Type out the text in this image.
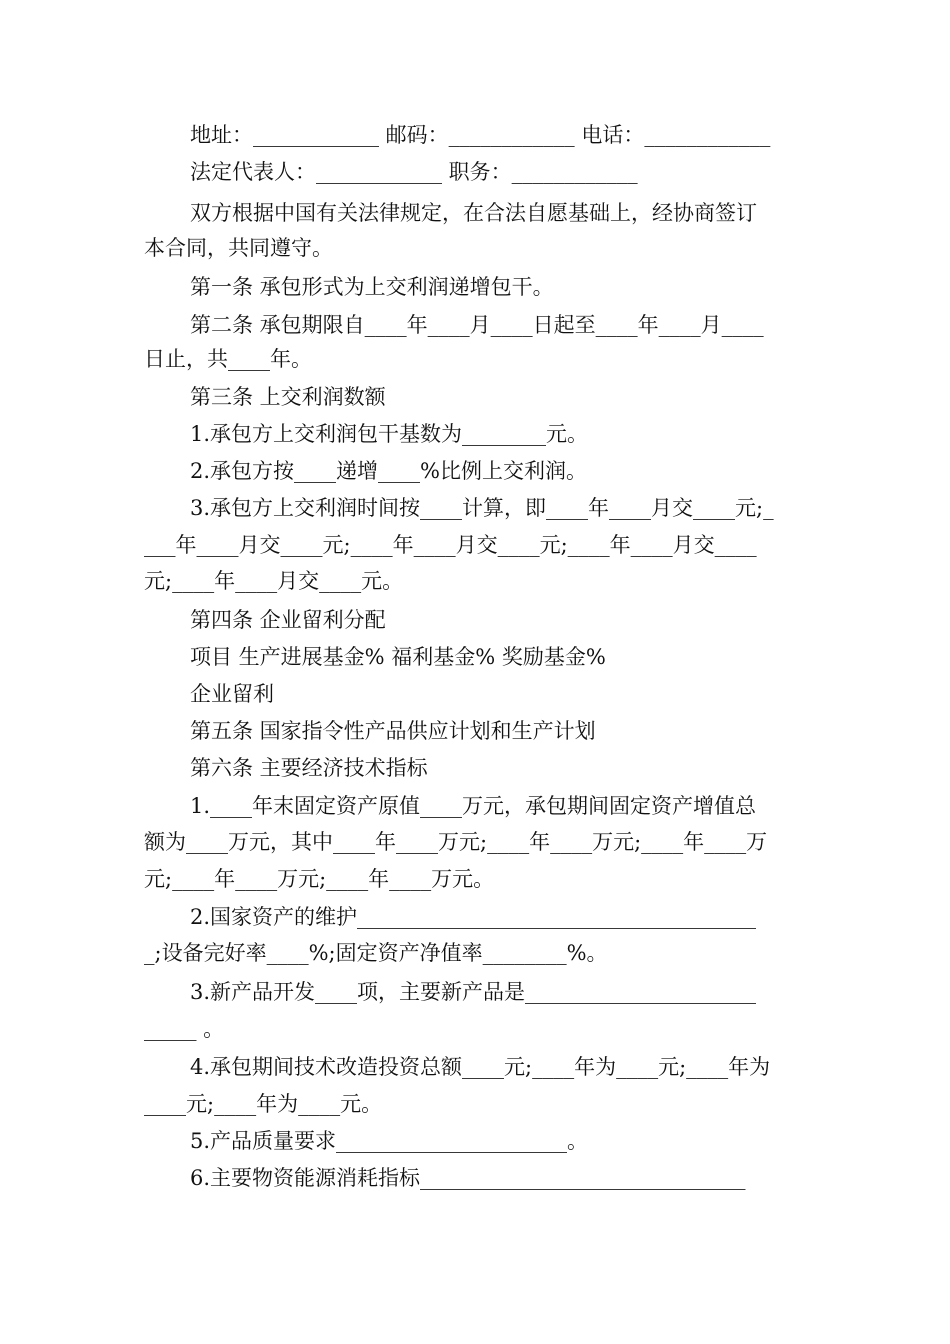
地址：____________ 邮码：____________ 电话：____________
法定代表人：____________ 职务：____________
双方根据中国有关法律规定，在合法自愿基础上，经协商签订
本合同，共同遵守。
第一条 承包形式为上交利润递增包干。
第二条 承包期限自____年____月____日起至____年____月____
日止，共____年。
第三条 上交利润数额
1.承包方上交利润包干基数为________元。
2.承包方按____递增____%比例上交利润。
3.承包方上交利润时间按____计算，即____年____月交____元;_
___年____月交____元;____年____月交____元;____年____月交____
元;____年____月交____元。
第四条 企业留利分配
项目 生产进展基金% 福利基金% 奖励基金%
企业留利
第五条 国家指令性产品供应计划和生产计划
第六条 主要经济技术指标
1.____年末固定资产原值____万元，承包期间固定资产增值总
额为____万元，其中____年____万元;____年____万元;____年____万
元;____年____万元;____年____万元。
2.国家资产的维护______________________________________
_;设备完好率____%;固定资产净值率________%。
3.新产品开发____项，主要新产品是______________________
_____ 。
4.承包期间技术改造投资总额____元;____年为____元;____年为
____元;____年为____元。
5.产品质量要求______________________。
6.主要物资能源消耗指标_______________________________
